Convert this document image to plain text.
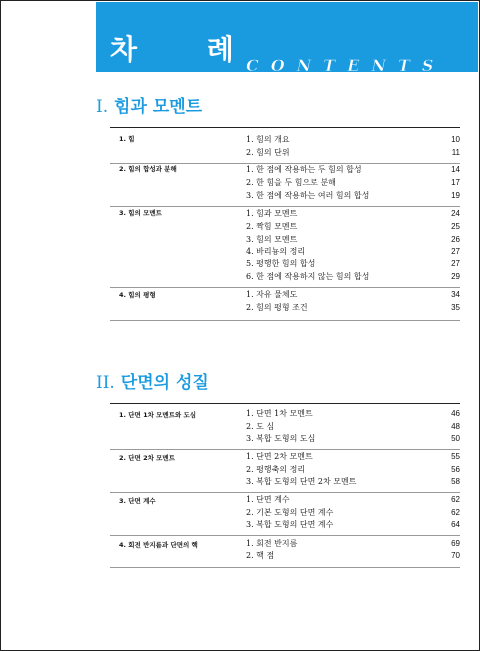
차 례
CONTENTS
I. 힘과 모멘트
1. 힘	1. 힘의 개요	10
2. 힘의 단위	11
2. 힘의 합성과 분해	1. 한 점에 작용하는 두 힘의 합성	14
2. 한 힘을 두 힘으로 분해	17
3. 한 점에 작용하는 여러 힘의 합성	19
3. 힘의 모멘트	1. 힘과 모멘트	24
2. 짝힘 모멘트	25
3. 힘의 모멘트	26
4. 바리뇽의 정리	27
5. 평행한 힘의 합성	27
6. 한 점에 작용하지 않는 힘의 합성	29
4. 힘의 평형	1. 자유 물체도	34
2. 힘의 평형 조건	35
II. 단면의 성질
1. 단면 1차 모멘트와 도심	1. 단면 1차 모멘트	46
2. 도 심	48
3. 복합 도형의 도심	50
2. 단면 2차 모멘트	1. 단면 2차 모멘트	55
2. 평행축의 정리	56
3. 복합 도형의 단면 2차 모멘트	58
3. 단면 계수	1. 단면 계수	62
2. 기본 도형의 단면 계수	62
3. 복합 도형의 단면 계수	64
4. 회전 반지름과 단면의 핵	1. 회전 반지름	69
2. 핵 점	70
